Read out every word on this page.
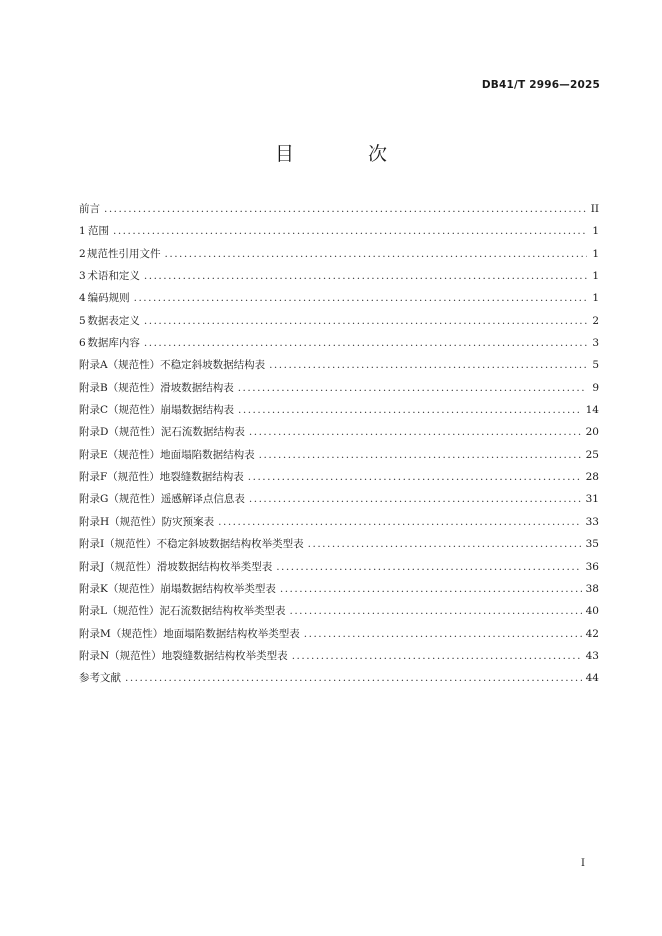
DB41/T 2996—2025
目 次
前言 .....	II
1 范围 .....	1
2 规范性引用文件 .....	1
3 术语和定义 .....	1
4 编码规则 .....	1
5 数据表定义 .....	2
6 数据库内容 .....	3
附录A（规范性） 不稳定斜坡数据结构表 .....	5
附录B（规范性） 滑坡数据结构表 .....	9
附录C（规范性） 崩塌数据结构表 .....	14
附录D（规范性） 泥石流数据结构表 .....	20
附录E（规范性） 地面塌陷数据结构表 .....	25
附录F（规范性） 地裂缝数据结构表 .....	28
附录G（规范性） 遥感解译点信息表 .....	31
附录H（规范性） 防灾预案表 .....	33
附录I（规范性） 不稳定斜坡数据结构枚举类型表 .....	35
附录J（规范性） 滑坡数据结构枚举类型表 .....	36
附录K（规范性） 崩塌数据结构枚举类型表 .....	38
附录L（规范性） 泥石流数据结构枚举类型表 .....	40
附录M（规范性） 地面塌陷数据结构枚举类型表 .....	42
附录N（规范性） 地裂缝数据结构枚举类型表 .....	43
参考文献 .....	44
I
